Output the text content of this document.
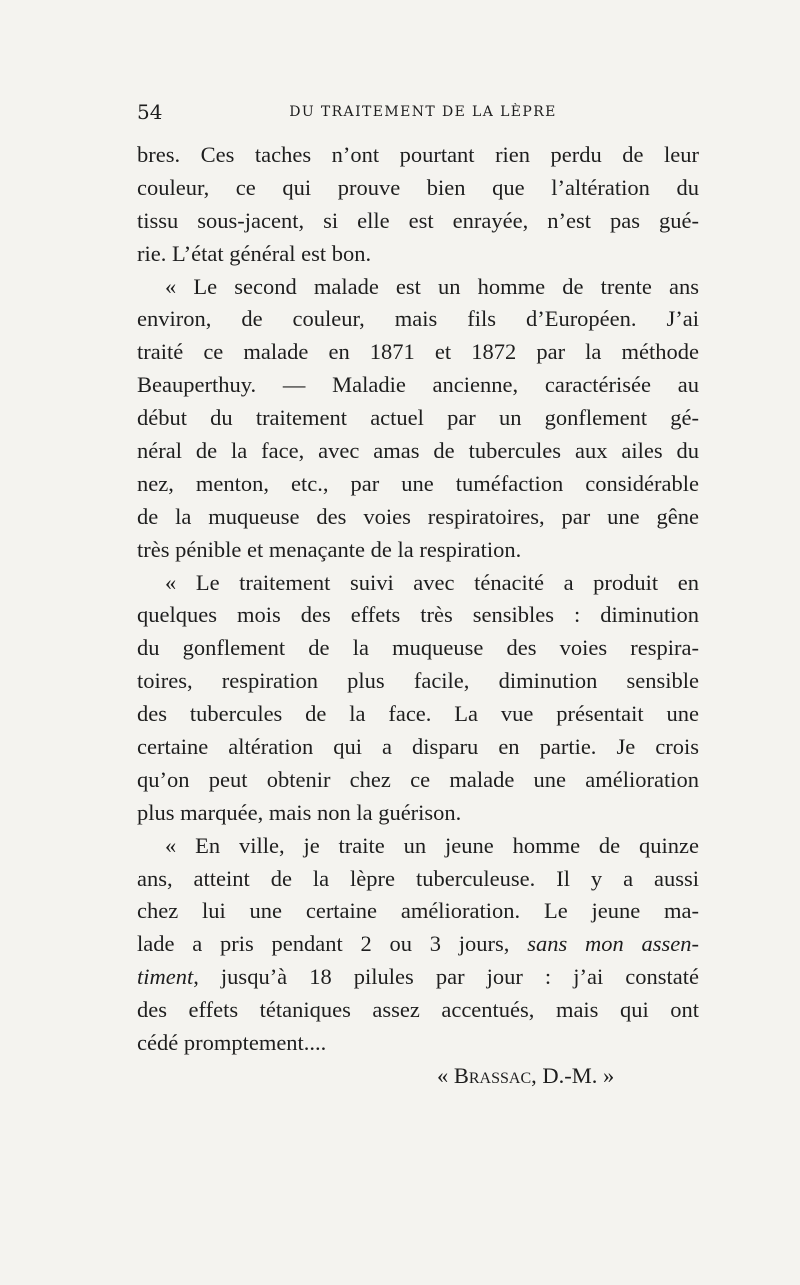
54	DU TRAITEMENT DE LA LÈPRE
bres. Ces taches n’ont pourtant rien perdu de leur
couleur, ce qui prouve bien que l’altération du
tissu sous-jacent, si elle est enrayée, n’est pas gué-
rie. L’état général est bon.
« Le second malade est un homme de trente ans
environ, de couleur, mais fils d’Européen. J’ai
traité ce malade en 1871 et 1872 par la méthode
Beauperthuy. — Maladie ancienne, caractérisée au
début du traitement actuel par un gonflement gé-
néral de la face, avec amas de tubercules aux ailes du
nez, menton, etc., par une tuméfaction considérable
de la muqueuse des voies respiratoires, par une gêne
très pénible et menaçante de la respiration.
« Le traitement suivi avec ténacité a produit en
quelques mois des effets très sensibles : diminution
du gonflement de la muqueuse des voies respira-
toires, respiration plus facile, diminution sensible
des tubercules de la face. La vue présentait une
certaine altération qui a disparu en partie. Je crois
qu’on peut obtenir chez ce malade une amélioration
plus marquée, mais non la guérison.
« En ville, je traite un jeune homme de quinze
ans, atteint de la lèpre tuberculeuse. Il y a aussi
chez lui une certaine amélioration. Le jeune ma-
lade a pris pendant 2 ou 3 jours, sans mon assen-
timent, jusqu’à 18 pilules par jour : j’ai constaté
des effets tétaniques assez accentués, mais qui ont
cédé promptement....
« Brassac, D.-M. »
